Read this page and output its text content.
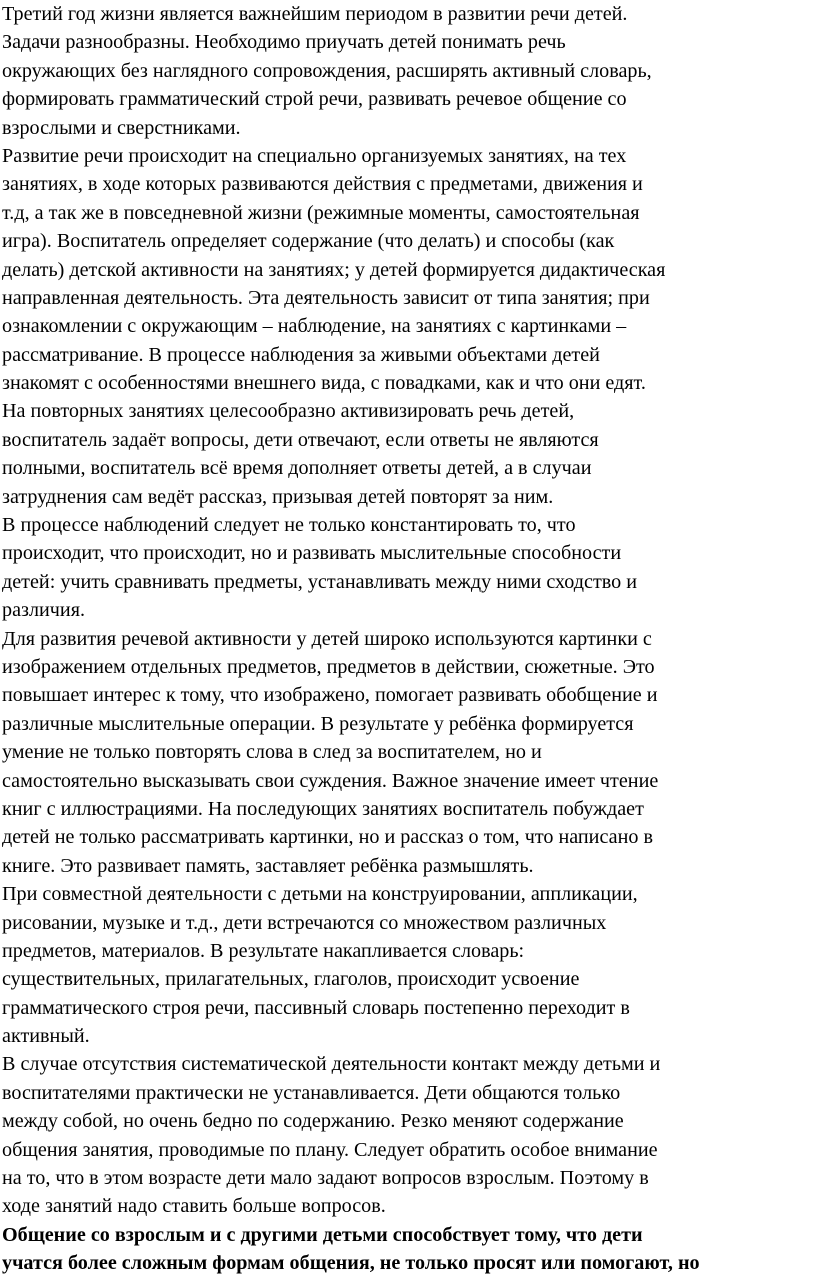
Третий год жизни является важнейшим периодом в развитии речи детей.
Задачи разнообразны. Необходимо приучать детей понимать речь
окружающих без наглядного сопровождения, расширять активный словарь,
формировать грамматический строй речи, развивать речевое общение со
взрослыми и сверстниками.
Развитие речи происходит на специально организуемых занятиях, на тех
занятиях, в ходе которых развиваются действия с предметами, движения и
т.д, а так же в повседневной жизни (режимные моменты, самостоятельная
игра). Воспитатель определяет содержание (что делать) и способы (как
делать) детской активности на занятиях; у детей формируется дидактическая
направленная деятельность. Эта деятельность зависит от типа занятия; при
ознакомлении с окружающим – наблюдение, на занятиях с картинками –
рассматривание. В процессе наблюдения за живыми объектами детей
знакомят с особенностями внешнего вида, с повадками, как и что они едят.
На повторных занятиях целесообразно активизировать речь детей,
воспитатель задаёт вопросы, дети отвечают, если ответы не являются
полными, воспитатель всё время дополняет ответы детей, а в случаи
затруднения сам ведёт рассказ, призывая детей повторят за ним.
В процессе наблюдений следует не только константировать то, что
происходит, что происходит, но и развивать мыслительные способности
детей: учить сравнивать предметы, устанавливать между ними сходство и
различия.
Для развития речевой активности у детей широко используются картинки с
изображением отдельных предметов, предметов в действии, сюжетные. Это
повышает интерес к тому, что изображено, помогает развивать обобщение и
различные мыслительные операции. В результате у ребёнка формируется
умение не только повторять слова в след за воспитателем, но и
самостоятельно высказывать свои суждения. Важное значение имеет чтение
книг с иллюстрациями. На последующих занятиях воспитатель побуждает
детей не только рассматривать картинки, но и рассказ о том, что написано в
книге. Это развивает память, заставляет ребёнка размышлять.
При совместной деятельности с детьми на конструировании, аппликации,
рисовании, музыке и т.д., дети встречаются со множеством различных
предметов, материалов. В результате накапливается словарь:
существительных, прилагательных, глаголов, происходит усвоение
грамматического строя речи, пассивный словарь постепенно переходит в
активный.
В случае отсутствия систематической деятельности контакт между детьми и
воспитателями практически не устанавливается. Дети общаются только
между собой, но очень бедно по содержанию. Резко меняют содержание
общения занятия, проводимые по плану. Следует обратить особое внимание
на то, что в этом возрасте дети мало задают вопросов взрослым. Поэтому в
ходе занятий надо ставить больше вопросов.
Общение со взрослым и с другими детьми способствует тому, что дети
учатся более сложным формам общения, не только просят или помогают, но
